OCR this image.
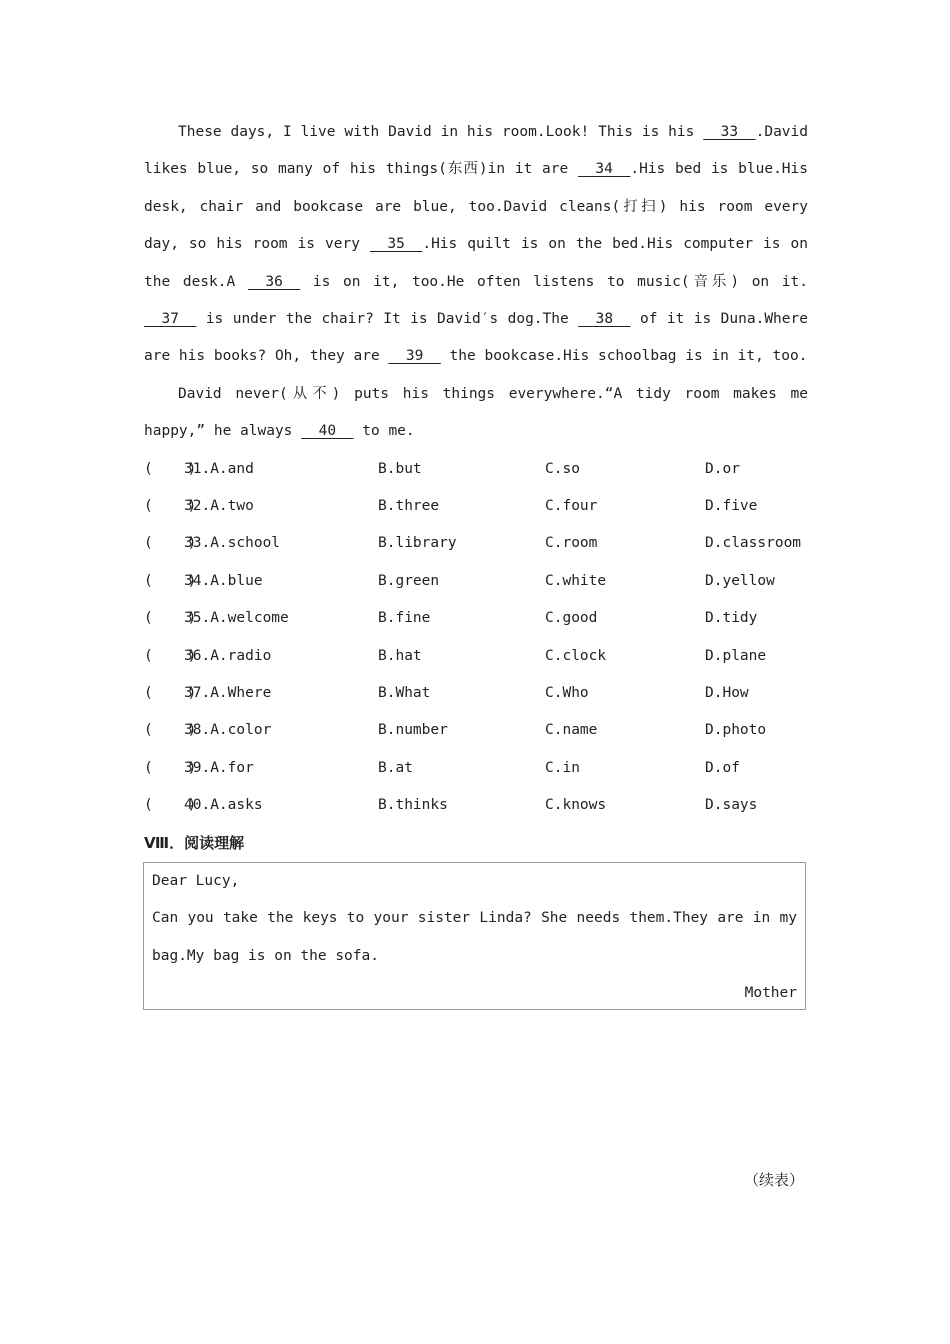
These days, I live with David in his room.Look! This is his   33  .David likes blue, so many of his things(东西)in it are   34  .His bed is blue.His desk, chair and bookcase are blue, too.David cleans(打扫) his room every day, so his room is very   35  .His quilt is on the bed.His computer is on the desk.A   36   is on it, too.He often listens to music(音乐) on it.   37   is under the chair? It is David′s dog.The   38   of it is Duna.Where are his books? Oh, they are   39   the bookcase.His schoolbag is in it, too.

David never(从不) puts his things everywhere.“A tidy room makes me happy,” he always   40   to me.

(    )
31.A.and	B.but	C.so	D.or
(    )
32.A.two	B.three	C.four	D.five
(    )
33.A.school	B.library	C.room	D.classroom
(    )
34.A.blue	B.green	C.white	D.yellow
(    )
35.A.welcome	B.fine	C.good	D.tidy
(    )
36.A.radio	B.hat	C.clock	D.plane
(    )
37.A.Where	B.What	C.Who	D.How
(    )
38.A.color	B.number	C.name	D.photo
(    )
39.A.for	B.at	C.in	D.of
(    )
40.A.asks	B.thinks	C.knows	D.says
Ⅷ．阅读理解

Dear Lucy,

Can you take the keys to your sister Linda? She needs them.They are in my bag.My bag is on the sofa.

Mother

（续表）
